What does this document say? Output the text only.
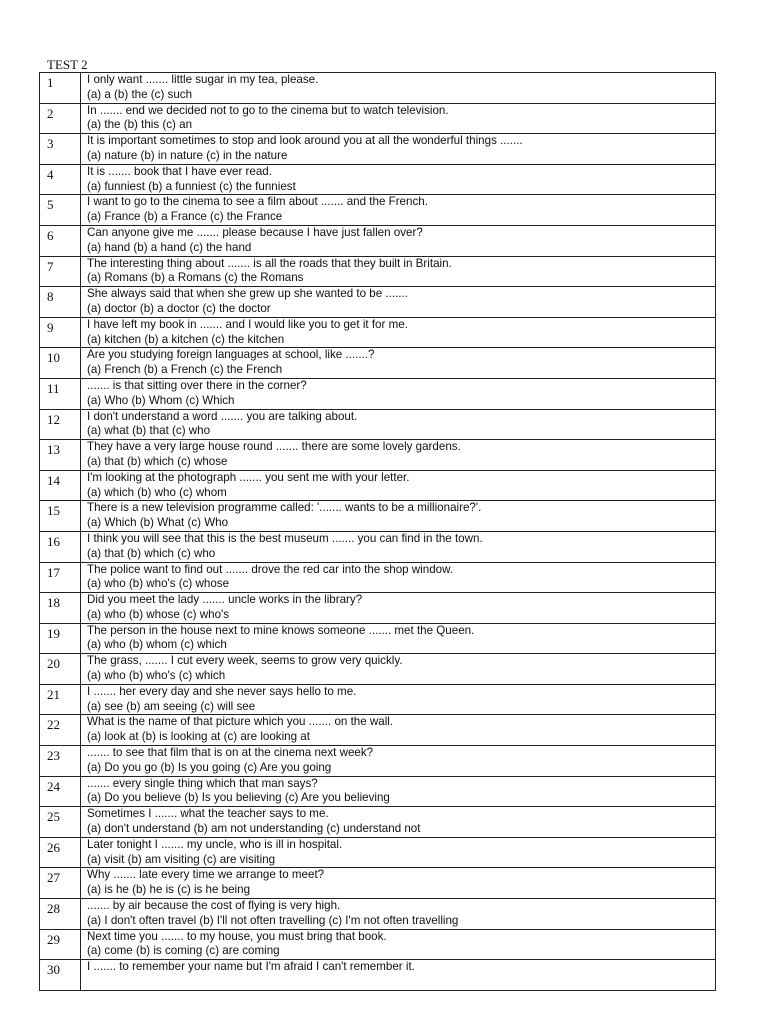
TEST 2
1	I only want ....... little sugar in my tea, please.
(a) a (b) the (c) such

2	In ....... end we decided not to go to the cinema but to watch television.
(a) the (b) this (c) an

3	It is important sometimes to stop and look around you at all the wonderful things .......
(a) nature (b) in nature (c) in the nature

4	It is ....... book that I have ever read.
(a) funniest (b) a funniest (c) the funniest

5	I want to go to the cinema to see a film about ....... and the French.
(a) France (b) a France (c) the France

6	Can anyone give me ....... please because I have just fallen over?
(a) hand (b) a hand (c) the hand

7	The interesting thing about ....... is all the roads that they built in Britain.
(a) Romans (b) a Romans (c) the Romans

8	She always said that when she grew up she wanted to be .......
(a) doctor (b) a doctor (c) the doctor

9	I have left my book in ....... and I would like you to get it for me.
(a) kitchen (b) a kitchen (c) the kitchen

10	Are you studying foreign languages at school, like .......?
(a) French (b) a French (c) the French

11	....... is that sitting over there in the corner?
(a) Who (b) Whom (c) Which

12	I don't understand a word ....... you are talking about.
(a) what (b) that (c) who

13	They have a very large house round ....... there are some lovely gardens.
(a) that (b) which (c) whose

14	I'm looking at the photograph ....... you sent me with your letter.
(a) which (b) who (c) whom

15	There is a new television programme called: '....... wants to be a millionaire?'.
(a) Which (b) What (c) Who

16	I think you will see that this is the best museum ....... you can find in the town.
(a) that (b) which (c) who

17	The police want to find out ....... drove the red car into the shop window.
(a) who (b) who's (c) whose

18	Did you meet the lady ....... uncle works in the library?
(a) who (b) whose (c) who's

19	The person in the house next to mine knows someone ....... met the Queen.
(a) who (b) whom (c) which

20	The grass, ....... I cut every week, seems to grow very quickly.
(a) who (b) who's (c) which

21	I ....... her every day and she never says hello to me.
(a) see (b) am seeing (c) will see

22	What is the name of that picture which you ....... on the wall.
(a) look at (b) is looking at (c) are looking at

23	....... to see that film that is on at the cinema next week?
(a) Do you go (b) Is you going (c) Are you going

24	....... every single thing which that man says?
(a) Do you believe (b) Is you believing (c) Are you believing

25	Sometimes I ....... what the teacher says to me.
(a) don't understand (b) am not understanding (c) understand not

26	Later tonight I ....... my uncle, who is ill in hospital.
(a) visit (b) am visiting (c) are visiting

27	Why ....... late every time we arrange to meet?
(a) is he (b) he is (c) is he being

28	....... by air because the cost of flying is very high.
(a) I don't often travel (b) I'll not often travelling (c) I'm not often travelling

29	Next time you ....... to my house, you must bring that book.
(a) come (b) is coming (c) are coming

30	I ....... to remember your name but I'm afraid I can't remember it.
